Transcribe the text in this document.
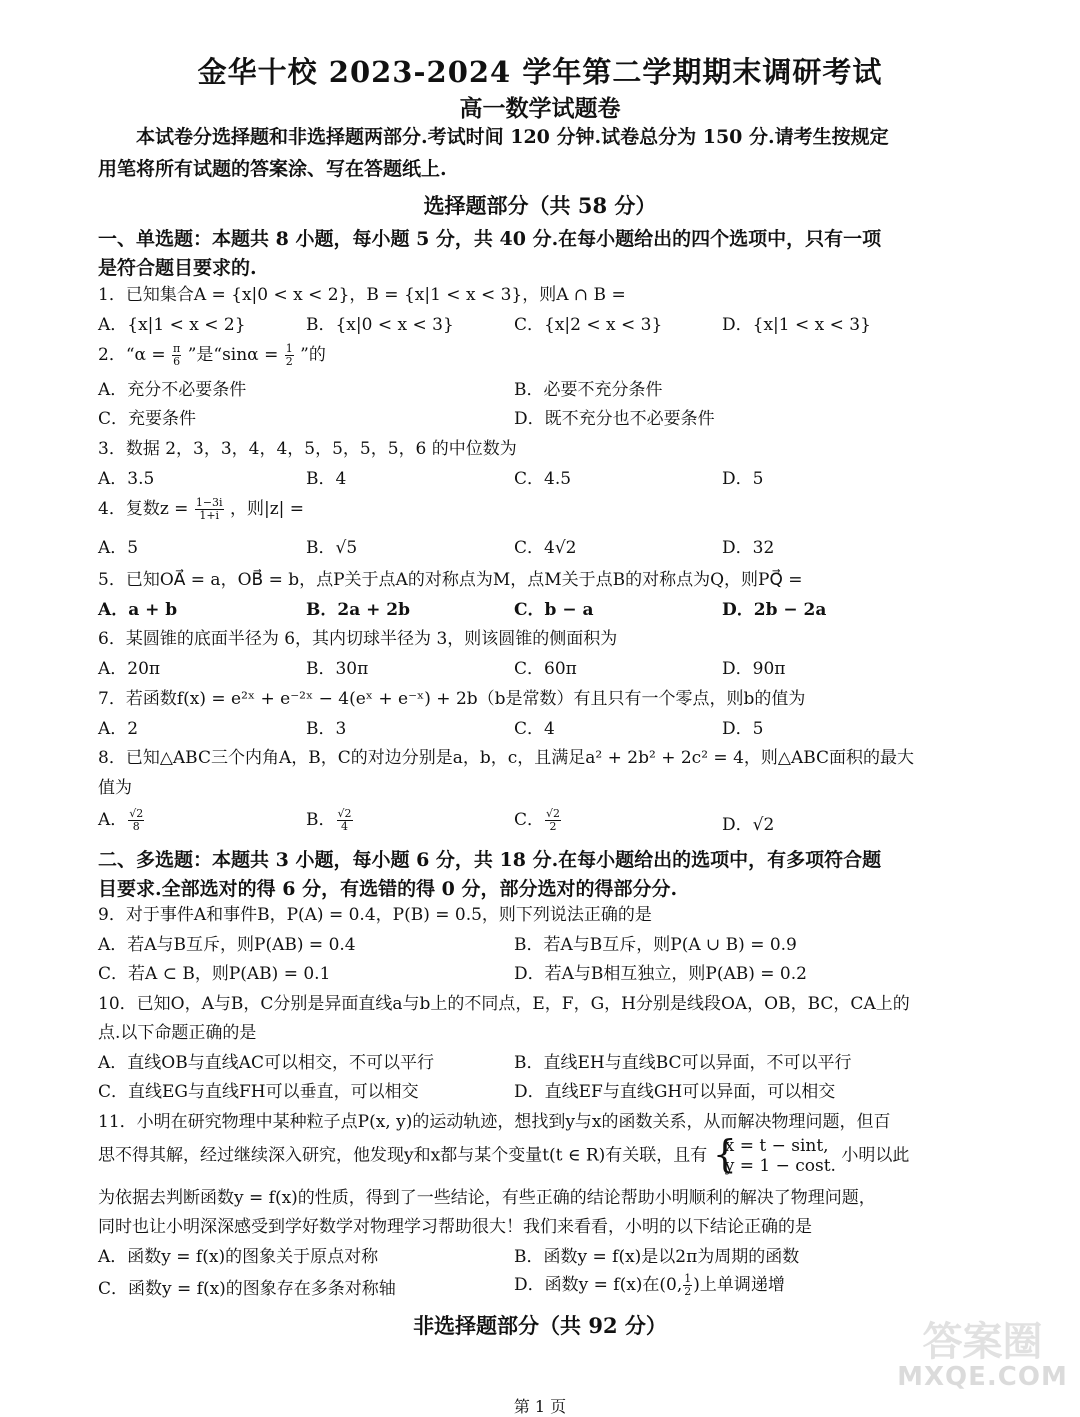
金华十校 2023-2024 学年第二学期期末调研考试
高一数学试题卷
本试卷分选择题和非选择题两部分.考试时间 120 分钟.试卷总分为 150 分.请考生按规定
用笔将所有试题的答案涂、写在答题纸上.
选择题部分（共 58 分）
一、单选题：本题共 8 小题，每小题 5 分，共 40 分.在每小题给出的四个选项中，只有一项
是符合题目要求的.
1．已知集合A = {x|0 < x < 2}，B = {x|1 < x < 3}，则A ∩ B =
A．{x|1 < x < 2}	B．{x|0 < x < 3}	C．{x|2 < x < 3}	D．{x|1 < x < 3}
2．“$\alpha = \frac{\pi}{6}$ ”是“$\sin\alpha = \frac{1}{2}$ ”的
A．充分不必要条件	B．必要不充分条件
C．充要条件	D．既不充分也不必要条件
3．数据 2，3，3，4，4，5，5，5，5，6 的中位数为
A．3.5	B．4	C．4.5	D．5
4．复数$z = \frac{1-3i}{1+i}$ ，则|z| =
A．5	B．√5	C．4√2	D．32
5．已知OA⃗ = a，OB⃗ = b，点P关于点A的对称点为M，点M关于点B的对称点为Q，则PQ⃗ =
A．a + b	B．2a + 2b	C．b − a	D．2b − 2a
6．某圆锥的底面半径为 6，其内切球半径为 3，则该圆锥的侧面积为
A．20π	B．30π	C．60π	D．90π
7．若函数f(x) = e²ˣ + e⁻²ˣ − 4(eˣ + e⁻ˣ) + 2b（b是常数）有且只有一个零点，则b的值为
A．2	B．3	C．4	D．5
8．已知△ABC三个内角A，B，C的对边分别是a，b，c，且满足a² + 2b² + 2c² = 4，则△ABC面积的最大
值为
A． $\frac{√2}{8}$	B． $\frac{√2}{4}$	C． $\frac{√2}{2}$	D．√2
二、多选题：本题共 3 小题，每小题 6 分，共 18 分.在每小题给出的选项中，有多项符合题
目要求.全部选对的得 6 分，有选错的得 0 分，部分选对的得部分分.
9．对于事件A和事件B，P(A) = 0.4，P(B) = 0.5，则下列说法正确的是
A．若A与B互斥，则P(AB) = 0.4	B．若A与B互斥，则P(A ∪ B) = 0.9
C．若A ⊂ B，则P(AB) = 0.1	D．若A与B相互独立，则P(AB) = 0.2
10．已知O，A与B，C分别是异面直线a与b上的不同点，E，F，G，H分别是线段OA，OB，BC，CA上的
点.以下命题正确的是
A．直线OB与直线AC可以相交，不可以平行	B．直线EH与直线BC可以异面，不可以平行
C．直线EG与直线FH可以垂直，可以相交	D．直线EF与直线GH可以异面，可以相交
11．小明在研究物理中某种粒子点P(x, y)的运动轨迹，想找到y与x的函数关系，从而解决物理问题，但百
思不得其解，经过继续深入研究，他发现y和x都与某个变量t(t ∈ R)有关联，且有
{ x = t − sint,
y = 1 − cost.
小明以此
为依据去判断函数y = f(x)的性质，得到了一些结论，有些正确的结论帮助小明顺利的解决了物理问题，
同时也让小明深深感受到学好数学对物理学习帮助很大！我们来看看，小明的以下结论正确的是
A．函数y = f(x)的图象关于原点对称	B．函数y = f(x)是以2π为周期的函数
C．函数y = f(x)的图象存在多条对称轴	D．函数y = f(x)在(0, $\frac{1}{2}$ )上单调递增
非选择题部分（共 92 分）	答案圈
MXQE.COM
第 1 页
